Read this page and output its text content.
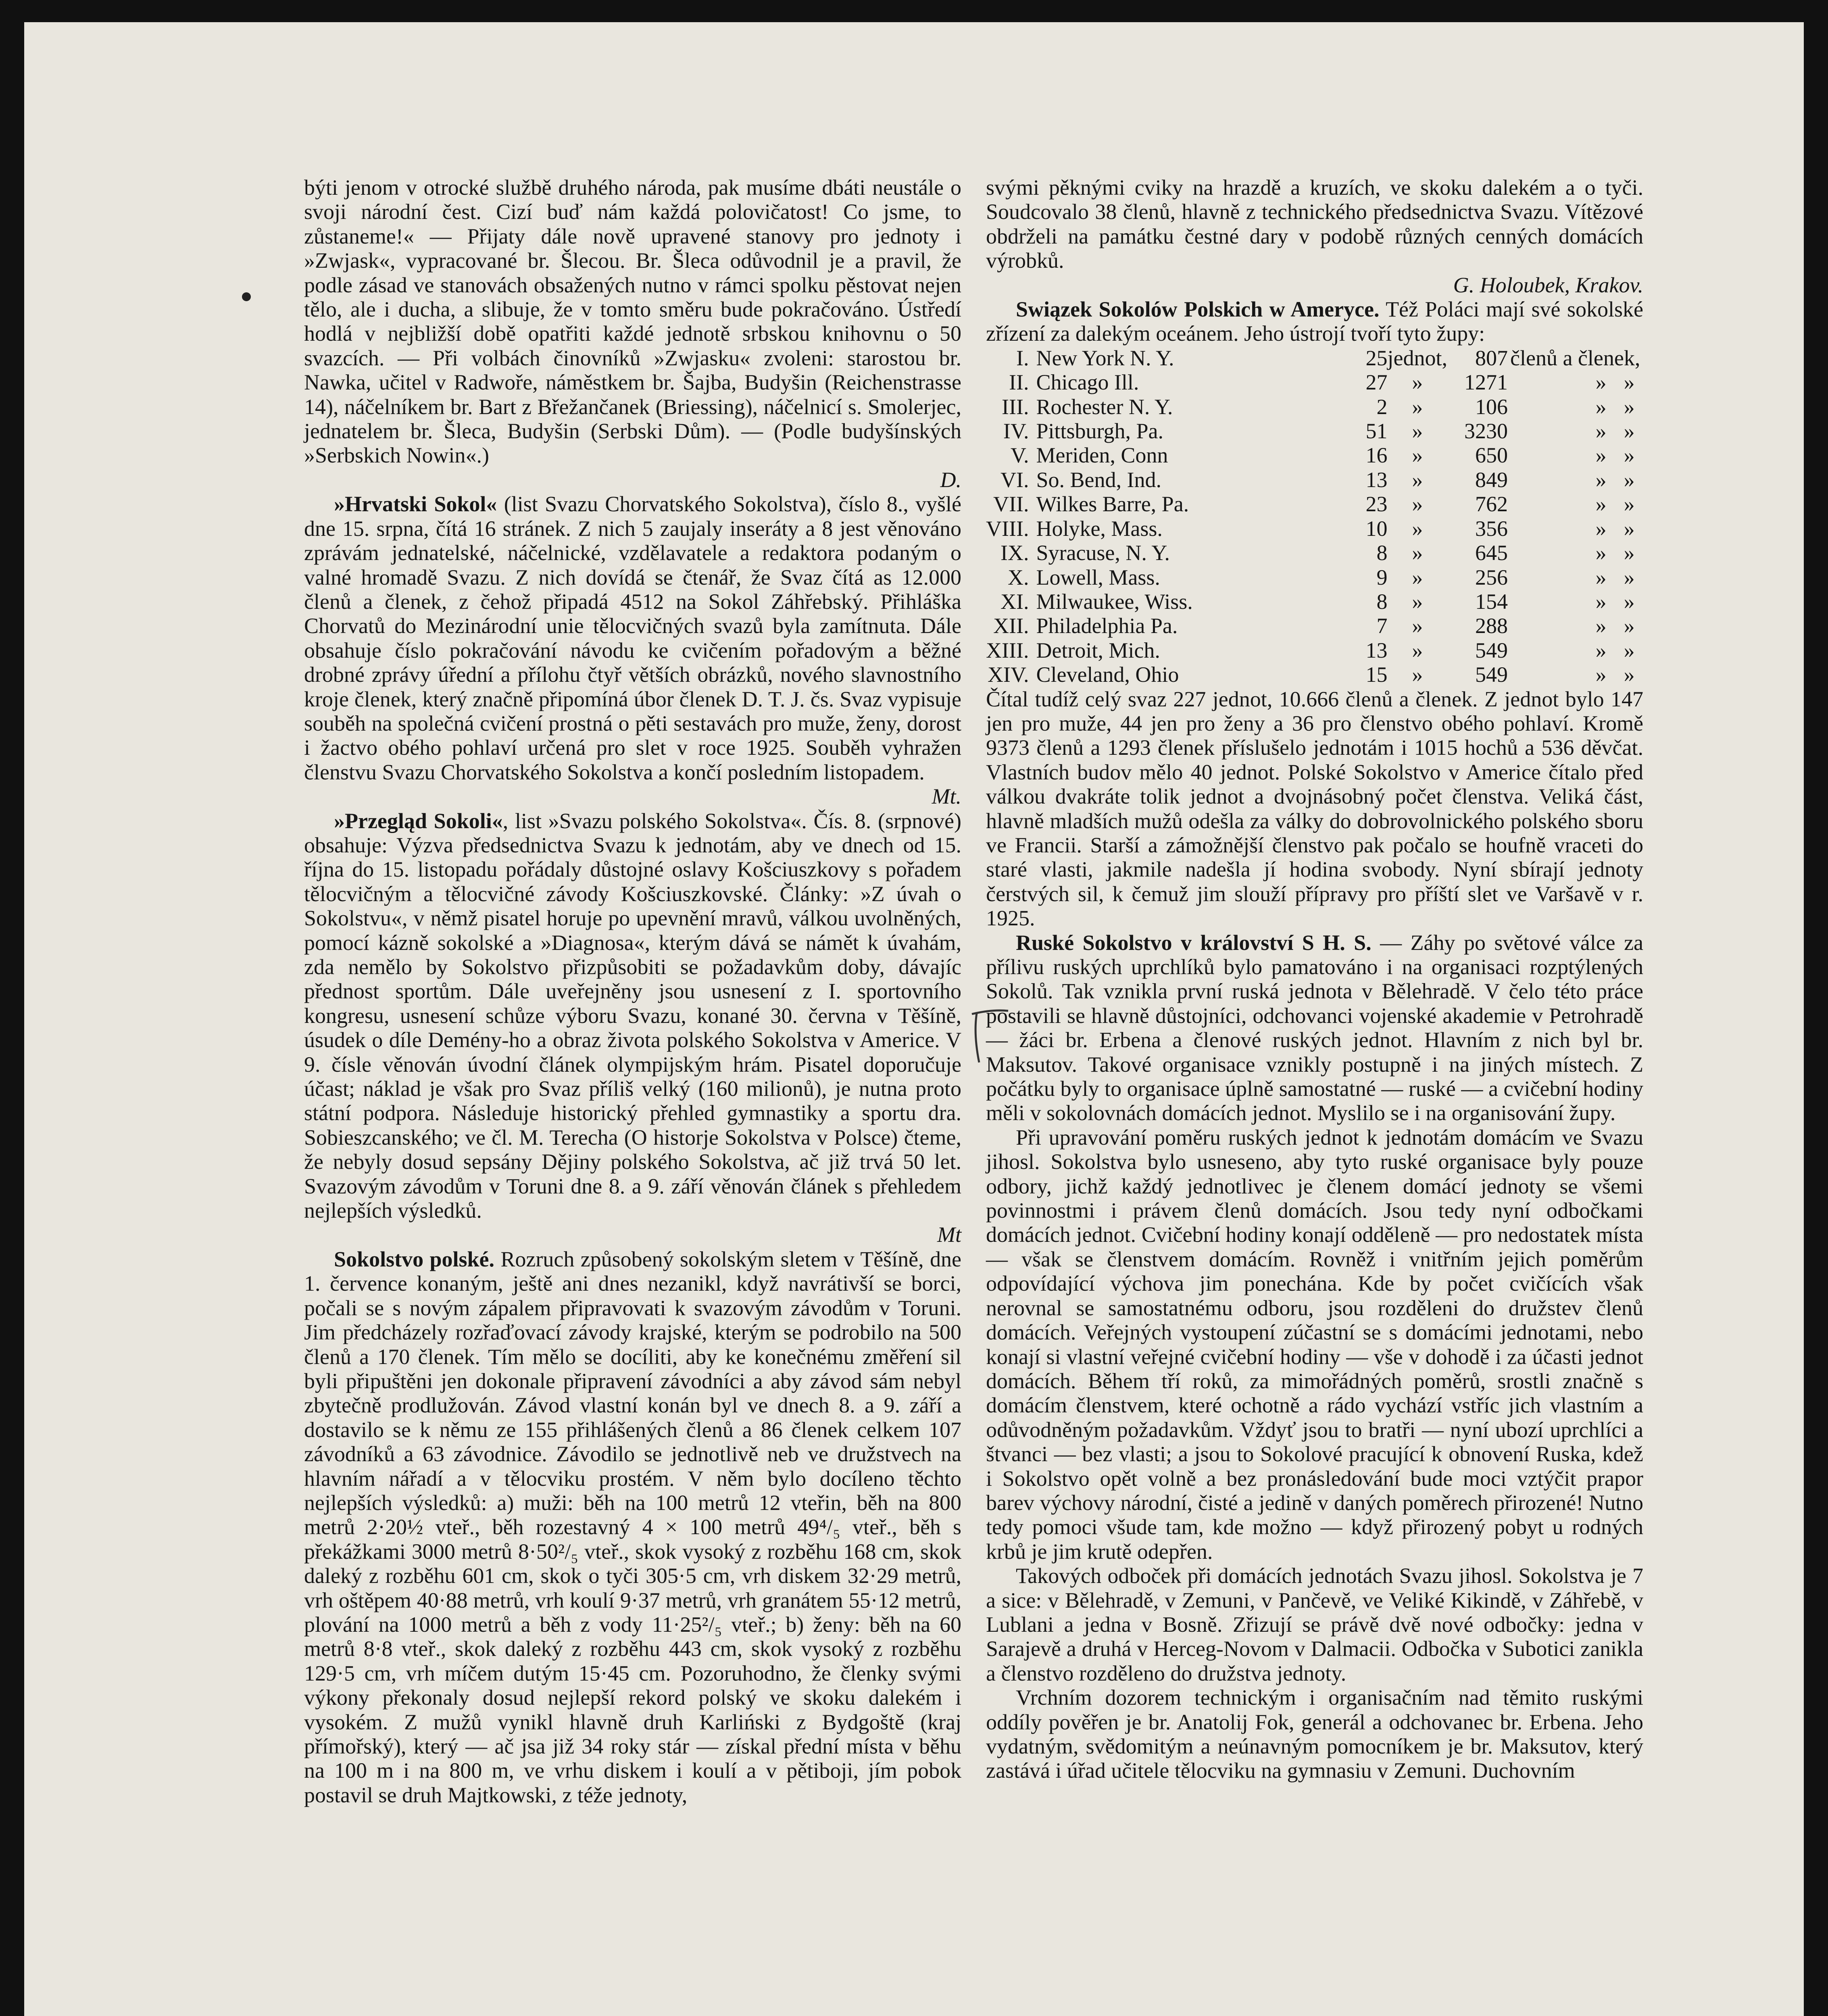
býti jenom v otrocké službě druhého národa, pak musíme dbáti neustále o svoji národní čest. Cizí buď nám každá polovičatost! Co jsme, to zůstaneme!« — Přijaty dále nově upravené stanovy pro jednoty i »Zwjask«, vypracované br. Šlecou. Br. Šleca odůvodnil je a pravil, že podle zásad ve stanovách obsažených nutno v rámci spolku pěstovat nejen tělo, ale i ducha, a slibuje, že v tomto směru bude pokračováno. Ústředí hodlá v nejbližší době opatřiti každé jednotě srbskou knihovnu o 50 svazcích. — Při volbách činovníků »Zwjasku« zvoleni: starostou br. Nawka, učitel v Radwoře, náměstkem br. Šajba, Budyšin (Reichenstrasse 14), náčelníkem br. Bart z Břežančanek (Briessing), náčelnicí s. Smolerjec, jednatelem br. Šleca, Budyšin (Serbski Dům). — (Podle budyšínských »Serbskich Nowin«.)

D.

»Hrvatski Sokol« (list Svazu Chorvatského Sokolstva), číslo 8., vyšlé dne 15. srpna, čítá 16 stránek. Z nich 5 zaujaly inseráty a 8 jest věnováno zprávám jednatelské, náčelnické, vzdělavatele a redaktora podaným o valné hromadě Svazu. Z nich dovídá se čtenář, že Svaz čítá as 12.000 členů a členek, z čehož připadá 4512 na Sokol Záhřebský. Přihláška Chorvatů do Mezinárodní unie tělocvičných svazů byla zamítnuta. Dále obsahuje číslo pokračování návodu ke cvičením pořadovým a běžné drobné zprávy úřední a přílohu čtyř větších obrázků, nového slavnostního kroje členek, který značně připomíná úbor členek D. T. J. čs. Svaz vypisuje souběh na společná cvičení prostná o pěti sestavách pro muže, ženy, dorost i žactvo obého pohlaví určená pro slet v roce 1925. Souběh vyhražen členstvu Svazu Chorvatského Sokolstva a končí posledním listopadem.

Mt.

»Przegląd Sokoli«, list »Svazu polského Sokolstva«. Čís. 8. (srpnové) obsahuje: Výzva předsednictva Svazu k jednotám, aby ve dnech od 15. října do 15. listopadu pořádaly důstojné oslavy Košciuszkovy s pořadem tělocvičným a tělocvičné závody Košciuszkovské. Články: »Z úvah o Sokolstvu«, v němž pisatel horuje po upevnění mravů, válkou uvolněných, pomocí kázně sokolské a »Diagnosa«, kterým dává se námět k úvahám, zda nemělo by Sokolstvo přizpůsobiti se požadavkům doby, dávajíc přednost sportům. Dále uveřejněny jsou usnesení z I. sportovního kongresu, usnesení schůze výboru Svazu, konané 30. června v Těšíně, úsudek o díle Demény-ho a obraz života polského Sokolstva v Americe. V 9. čísle věnován úvodní článek olympijským hrám. Pisatel doporučuje účast; náklad je však pro Svaz příliš velký (160 milionů), je nutna proto státní podpora. Následuje historický přehled gymnastiky a sportu dra. Sobieszcanského; ve čl. M. Terecha (O historje Sokolstva v Polsce) čteme, že nebyly dosud sepsány Dějiny polského Sokolstva, ač již trvá 50 let. Svazovým závodům v Toruni dne 8. a 9. září věnován článek s přehledem nejlepších výsledků.

Mt

Sokolstvo polské. Rozruch způsobený sokolským sletem v Těšíně, dne 1. července konaným, ještě ani dnes nezanikl, když navrátivší se borci, počali se s novým zápalem připravovati k svazovým závodům v Toruni. Jim předcházely rozřaďovací závody krajské, kterým se podrobilo na 500 členů a 170 členek. Tím mělo se docíliti, aby ke konečnému změření sil byli připuštěni jen dokonale připravení závodníci a aby závod sám nebyl zbytečně prodlužován. Závod vlastní konán byl ve dnech 8. a 9. září a dostavilo se k němu ze 155 přihlášených členů a 86 členek celkem 107 závodníků a 63 závodnice. Závodilo se jednotlivě neb ve družstvech na hlavním nářadí a v tělocviku prostém. V něm bylo docíleno těchto nejlepších výsledků: a) muži: běh na 100 metrů 12 vteřin, běh na 800 metrů 2·20½ vteř., běh rozestavný 4 × 100 metrů 49⁴/₅ vteř., běh s překážkami 3000 metrů 8·50²/₅ vteř., skok vysoký z rozběhu 168 cm, skok daleký z rozběhu 601 cm, skok o tyči 305·5 cm, vrh diskem 32·29 metrů, vrh oštěpem 40·88 metrů, vrh koulí 9·37 metrů, vrh granátem 55·12 metrů, plování na 1000 metrů a běh z vody 11·25²/₅ vteř.; b) ženy: běh na 60 metrů 8·8 vteř., skok daleký z rozběhu 443 cm, skok vysoký z rozběhu 129·5 cm, vrh míčem dutým 15·45 cm. Pozoruhodno, že členky svými výkony překonaly dosud nejlepší rekord polský ve skoku dalekém i vysokém. Z mužů vynikl hlavně druh Karliński z Bydgoště (kraj přímořský), který — ač jsa již 34 roky stár — získal přední místa v běhu na 100 m i na 800 m, ve vrhu diskem i koulí a v pětiboji, jím pobok postavil se druh Majtkowski, z téže jednoty,

svými pěknými cviky na hrazdě a kruzích, ve skoku dalekém a o tyči. Soudcovalo 38 členů, hlavně z technického předsednictva Svazu. Vítězové obdrželi na památku čestné dary v podobě různých cenných domácích výrobků.

G. Holoubek, Krakov.

Swiązek Sokolów Polskich w Ameryce. Též Poláci mají své sokolské zřízení za dalekým oceánem. Jeho ústrojí tvoří tyto župy:

I.	New York N. Y.	25	jednot,	807	členů a členek,		
II.	Chicago Ill.	27	»	1271		»	»
III.	Rochester N. Y.	2	»	106		»	»
IV.	Pittsburgh, Pa.	51	»	3230		»	»
V.	Meriden, Conn	16	»	650		»	»
VI.	So. Bend, Ind.	13	»	849		»	»
VII.	Wilkes Barre, Pa.	23	»	762		»	»
VIII.	Holyke, Mass.	10	»	356		»	»
IX.	Syracuse, N. Y.	8	»	645		»	»
X.	Lowell, Mass.	9	»	256		»	»
XI.	Milwaukee, Wiss.	8	»	154		»	»
XII.	Philadelphia Pa.	7	»	288		»	»
XIII.	Detroit, Mich.	13	»	549		»	»
XIV.	Cleveland, Ohio	15	»	549		»	»

Čítal tudíž celý svaz 227 jednot, 10.666 členů a členek. Z jednot bylo 147 jen pro muže, 44 jen pro ženy a 36 pro členstvo obého pohlaví. Kromě 9373 členů a 1293 členek příslušelo jednotám i 1015 hochů a 536 děvčat. Vlastních budov mělo 40 jednot. Polské Sokolstvo v Americe čítalo před válkou dvakráte tolik jednot a dvojnásobný počet členstva. Veliká část, hlavně mladších mužů odešla za války do dobrovolnického polského sboru ve Francii. Starší a zámožnější členstvo pak počalo se houfně vraceti do staré vlasti, jakmile nadešla jí hodina svobody. Nyní sbírají jednoty čerstvých sil, k čemuž jim slouží přípravy pro příští slet ve Varšavě v r. 1925.

Ruské Sokolstvo v království S H. S. — Záhy po světové válce za přílivu ruských uprchlíků bylo pamatováno i na organisaci rozptýlených Sokolů. Tak vznikla první ruská jednota v Bělehradě. V čelo této práce postavili se hlavně důstojníci, odchovanci vojenské akademie v Petrohradě — žáci br. Erbena a členové ruských jednot. Hlavním z nich byl br. Maksutov. Takové organisace vznikly postupně i na jiných místech. Z počátku byly to organisace úplně samostatné — ruské — a cvičební hodiny měli v sokolovnách domácích jednot. Myslilo se i na organisování župy.

Při upravování poměru ruských jednot k jednotám domácím ve Svazu jihosl. Sokolstva bylo usneseno, aby tyto ruské organisace byly pouze odbory, jichž každý jednotlivec je členem domácí jednoty se všemi povinnostmi i právem členů domácích. Jsou tedy nyní odbočkami domácích jednot. Cvičební hodiny konají odděleně — pro nedostatek místa — však se členstvem domácím. Rovněž i vnitřním jejich poměrům odpovídající výchova jim ponechána. Kde by počet cvičících však nerovnal se samostatnému odboru, jsou rozděleni do družstev členů domácích. Veřejných vystoupení zúčastní se s domácími jednotami, nebo konají si vlastní veřejné cvičební hodiny — vše v dohodě i za účasti jednot domácích. Během tří roků, za mimořádných poměrů, srostli značně s domácím členstvem, které ochotně a rádo vychází vstříc jich vlastním a odůvodněným požadavkům. Vždyť jsou to bratři — nyní ubozí uprchlíci a štvanci — bez vlasti; a jsou to Sokolové pracující k obnovení Ruska, kdež i Sokolstvo opět volně a bez pronásledování bude moci vztýčit prapor barev výchovy národní, čisté a jedině v daných poměrech přirozené! Nutno tedy pomoci všude tam, kde možno — když přirozený pobyt u rodných krbů je jim krutě odepřen.

Takových odboček při domácích jednotách Svazu jihosl. Sokolstva je 7 a sice: v Bělehradě, v Zemuni, v Pančevě, ve Veliké Kikindě, v Záhřebě, v Lublani a jedna v Bosně. Zřizují se právě dvě nové odbočky: jedna v Sarajevě a druhá v Herceg-Novom v Dalmacii. Odbočka v Subotici zanikla a členstvo rozděleno do družstva jednoty.

Vrchním dozorem technickým i organisačním nad těmito ruskými oddíly pověřen je br. Anatolij Fok, generál a odchovanec br. Erbena. Jeho vydatným, svědomitým a neúnavným pomocníkem je br. Maksutov, který zastává i úřad učitele tělocviku na gymnasiu v Zemuni. Duchovním
